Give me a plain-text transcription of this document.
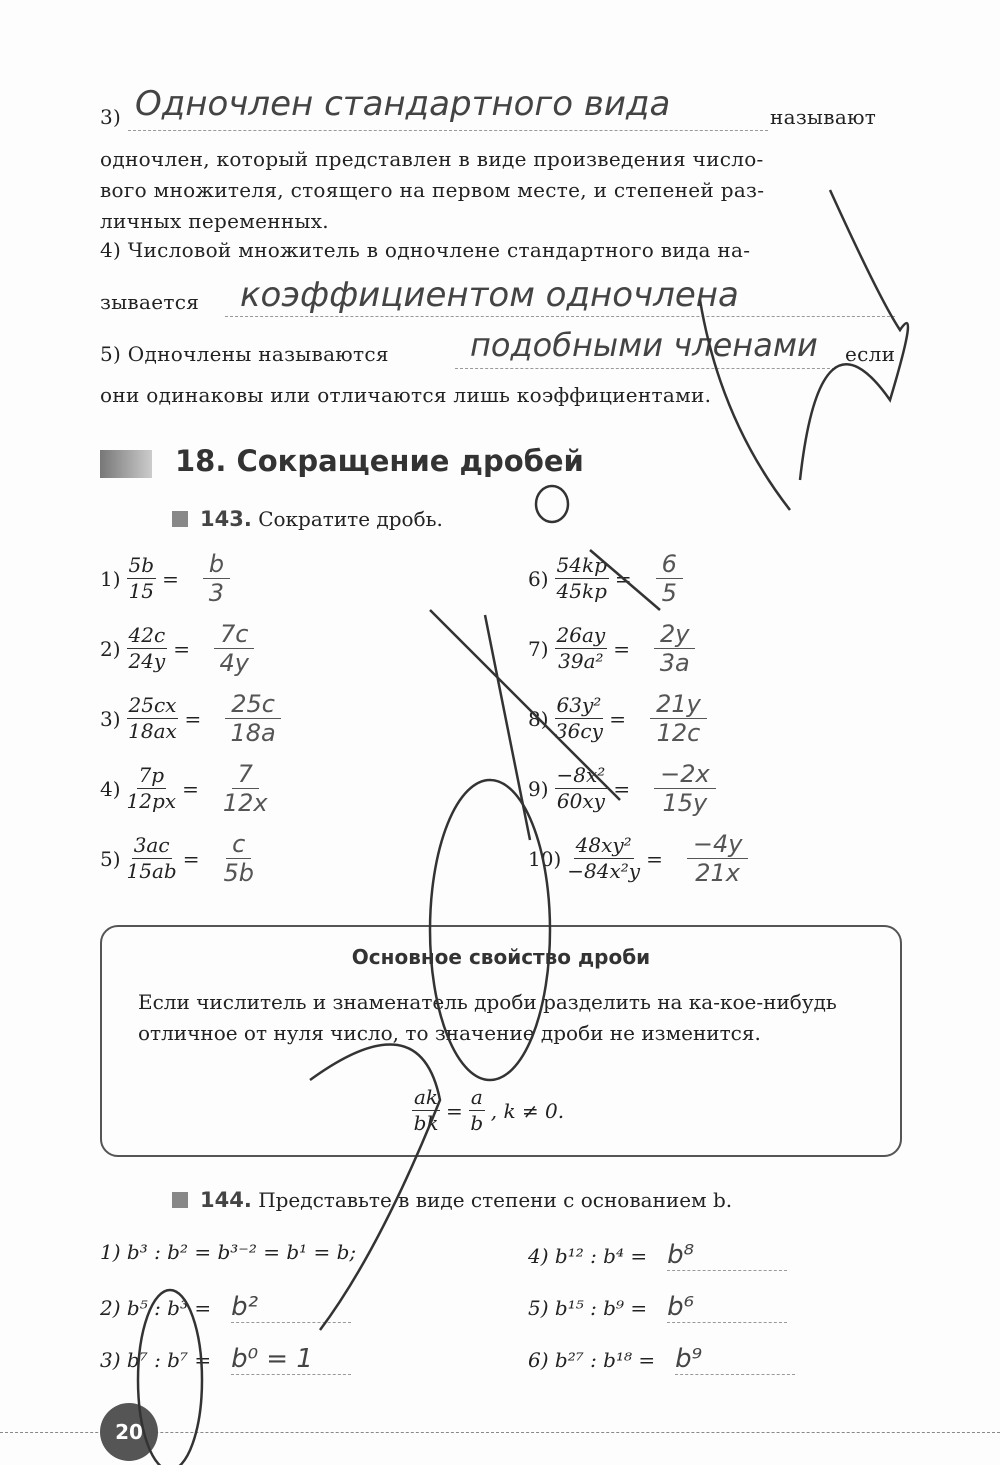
3) Одночлен стандартного вида	называют
одночлен, который представлен в виде произведения число-
вого множителя, стоящего на первом месте, и степеней раз-
личных переменных.
4) Числовой множитель в одночлене стандартного вида на-
зывается коэффициентом одночлена
5) Одночлены называются	подобными членами если
они одинаковы или отличаются лишь коэффициентами.
18. Сокращение дробей
143. Сократите дробь.
$1) \frac{5b}{15} = \frac{b}{3}$
$2) \frac{42c}{24y} = \frac{7c}{4y}$
$3) \frac{25cx}{18ax} = \frac{25c}{18a}$
$4) \frac{7p}{12px} = \frac{7}{12x}$
$5) \frac{3ac}{15ab} = \frac{c}{5b}$
$6) \frac{54kp}{45kp} = \frac{6}{5}$
$7) \frac{26ay}{\text{39a²}} = \frac{2y}{3a}$
$8) \frac{\text{63y²}}{36cy} = \frac{21y}{12c}$
$9) \frac{\text{−8x²}}{60xy} = \frac{-2x}{15y}$
$10) \frac{\text{48xy²}}{\text{−84x²y}} = \frac{-4y}{21x}$
Основное свойство дроби
Если числитель и знаменатель дроби разделить на ка-кое-нибудь отличное от нуля число, то значение дроби не изменится.
$\frac{ak}{bk} = \frac{a}{b}$ , k ≠ 0.
144. Представьте в виде степени с основанием b.
1) b³ : b² = b³⁻² = b¹ = b;
2) b⁵ : b³ = b²
3) b⁷ : b⁷ = b⁰ = 1
4) b¹² : b⁴ = b⁸
5) b¹⁵ : b⁹ = b⁶
6) b²⁷ : b¹⁸ = b⁹
20
